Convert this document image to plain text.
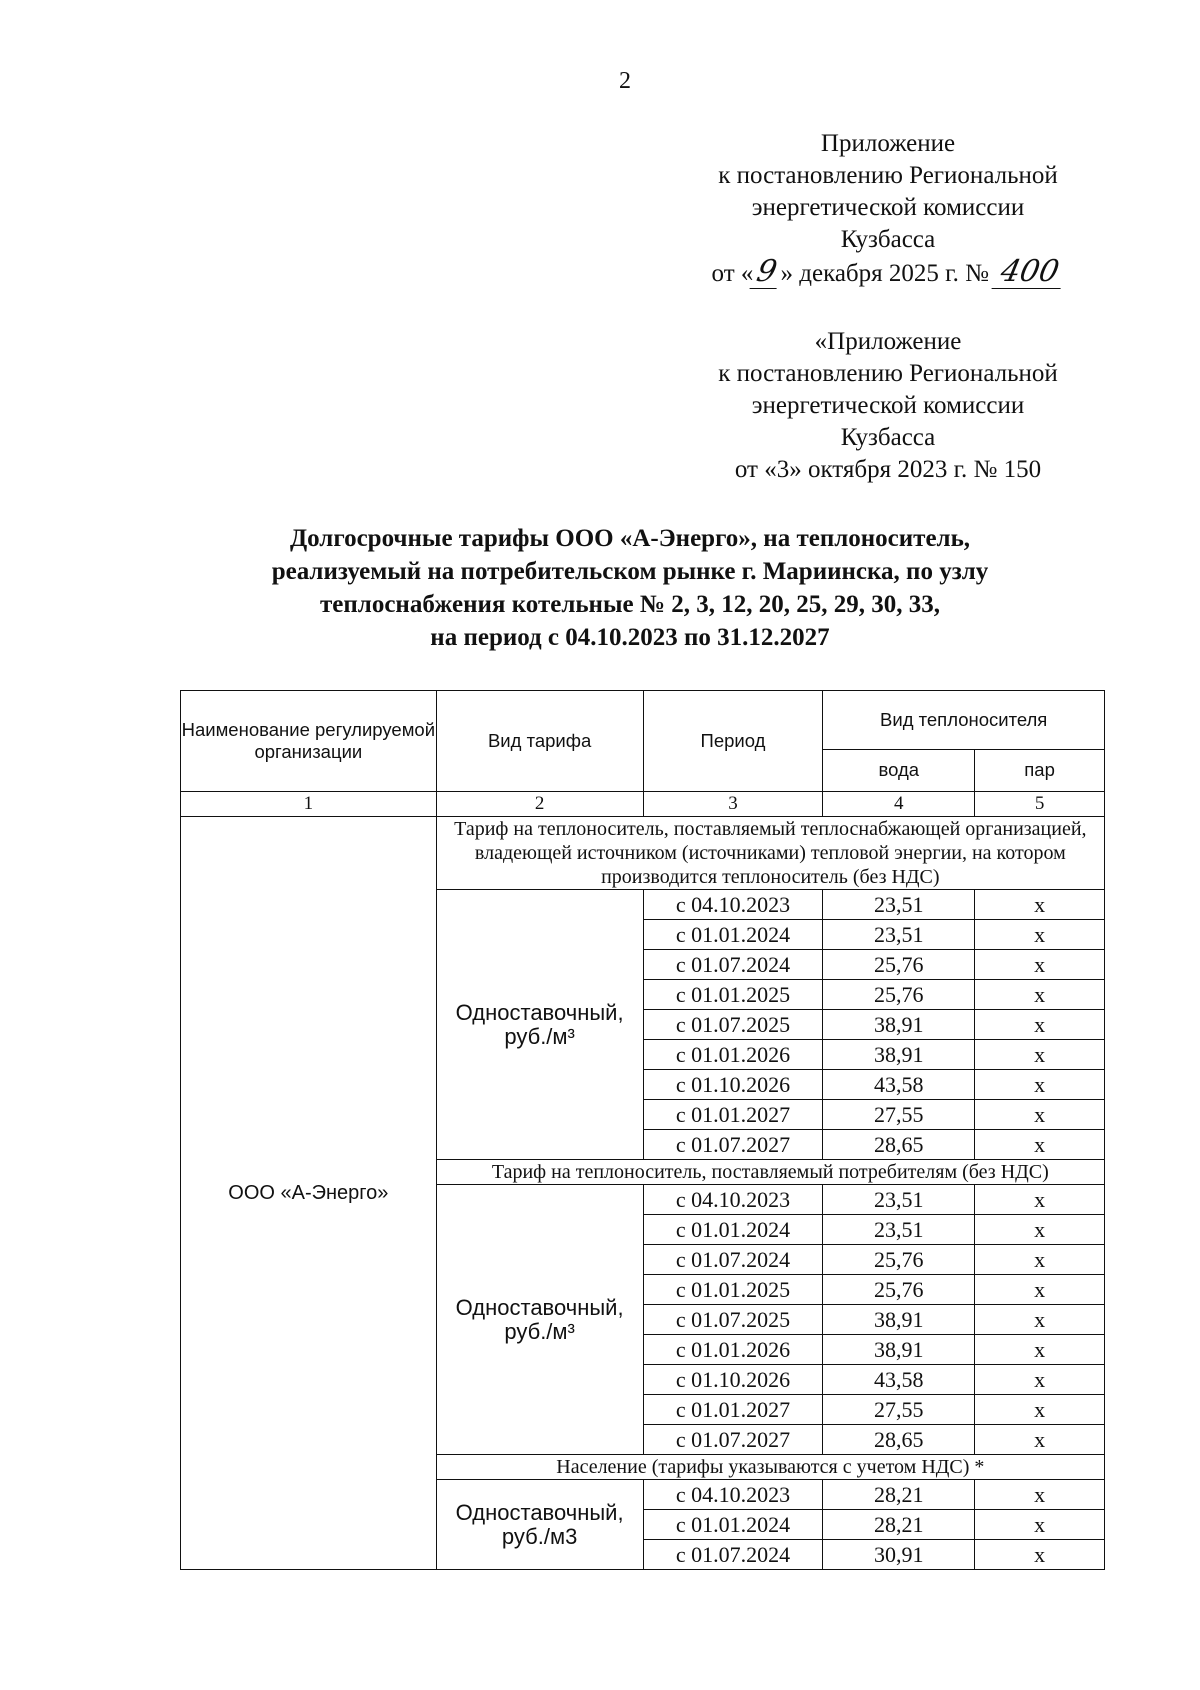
2
Приложение
к постановлению Региональной
энергетической комиссии
Кузбасса
от «9» декабря 2025 г. № 400
«Приложение
к постановлению Региональной
энергетической комиссии
Кузбасса
от «3» октября 2023 г. № 150
Долгосрочные тарифы ООО «А-Энерго», на теплоноситель,
реализуемый на потребительском рынке г. Мариинска, по узлу
теплоснабжения котельные № 2, 3, 12, 20, 25, 29, 30, 33,
на период с 04.10.2023 по 31.12.2027
Наименование регулируемой организации	Вид тарифа	Период	Вид теплоносителя	
			вода	пар
1	2	3	4	5
ООО «А-Энерго»	Тариф на теплоноситель, поставляемый теплоснабжающей организацией, владеющей источником (источниками) тепловой энергии, на котором производится теплоноситель (без НДС)			
	Одноставочный, руб./м³	с 04.10.2023	23,51	х
		с 01.01.2024	23,51	х
		с 01.07.2024	25,76	х
		с 01.01.2025	25,76	х
		с 01.07.2025	38,91	х
		с 01.01.2026	38,91	х
		с 01.10.2026	43,58	х
		с 01.01.2027	27,55	х
		с 01.07.2027	28,65	х
	Тариф на теплоноситель, поставляемый потребителям (без НДС)			
	Одноставочный, руб./м³	с 04.10.2023	23,51	х
		с 01.01.2024	23,51	х
		с 01.07.2024	25,76	х
		с 01.01.2025	25,76	х
		с 01.07.2025	38,91	х
		с 01.01.2026	38,91	х
		с 01.10.2026	43,58	х
		с 01.01.2027	27,55	х
		с 01.07.2027	28,65	х
	Население (тарифы указываются с учетом НДС) *			
	Одноставочный, руб./м3	с 04.10.2023	28,21	х
		с 01.01.2024	28,21	х
		с 01.07.2024	30,91	х
